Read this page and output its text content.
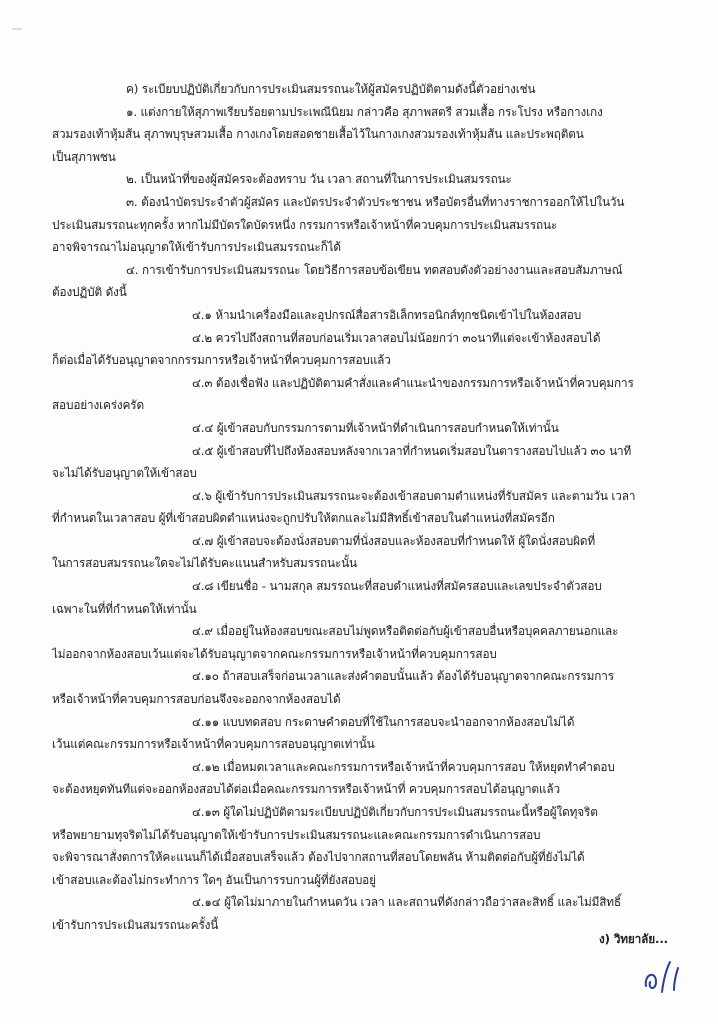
ค) ระเบียบปฏิบัติเกี่ยวกับการประเมินสมรรถนะให้ผู้สมัครปฏิบัติตามดังนี้ตัวอย่างเช่น
๑. แต่งกายให้สุภาพเรียบร้อยตามประเพณีนิยม กล่าวคือ สุภาพสตรี สวมเสื้อ กระโปรง หรือกางเกง
สวมรองเท้าหุ้มส้น สุภาพบุรุษสวมเสื้อ กางเกงโดยสอดชายเสื้อไว้ในกางเกงสวมรองเท้าหุ้มส้น และประพฤติตน
เป็นสุภาพชน
๒. เป็นหน้าที่ของผู้สมัครจะต้องทราบ วัน เวลา สถานที่ในการประเมินสมรรถนะ
๓. ต้องนำบัตรประจำตัวผู้สมัคร และบัตรประจำตัวประชาชน หรือบัตรอื่นที่ทางราชการออกให้ไปในวัน
ประเมินสมรรถนะทุกครั้ง หากไม่มีบัตรใดบัตรหนึ่ง กรรมการหรือเจ้าหน้าที่ควบคุมการประเมินสมรรถนะ
อาจพิจารณาไม่อนุญาตให้เข้ารับการประเมินสมรรถนะก็ได้
๔. การเข้ารับการประเมินสมรรถนะ โดยวิธีการสอบข้อเขียน ทดสอบดังตัวอย่างงานและสอบสัมภาษณ์
ต้องปฏิบัติ ดังนี้
๔.๑ ห้ามนำเครื่องมือและอุปกรณ์สื่อสารอิเล็กทรอนิกส์ทุกชนิดเข้าไปในห้องสอบ
๔.๒ ควรไปถึงสถานที่สอบก่อนเริ่มเวลาสอบไม่น้อยกว่า ๓๐นาทีแต่จะเข้าห้องสอบได้
ก็ต่อเมื่อได้รับอนุญาตจากกรรมการหรือเจ้าหน้าที่ควบคุมการสอบแล้ว
๔.๓ ต้องเชื่อฟัง และปฏิบัติตามคำสั่งและคำแนะนำของกรรมการหรือเจ้าหน้าที่ควบคุมการ
สอบอย่างเคร่งครัด
๔.๔ ผู้เข้าสอบกับกรรมการตามที่เจ้าหน้าที่ดำเนินการสอบกำหนดให้เท่านั้น
๔.๕ ผู้เข้าสอบที่ไปถึงห้องสอบหลังจากเวลาที่กำหนดเริ่มสอบในตารางสอบไปแล้ว ๓๐ นาที
จะไม่ได้รับอนุญาตให้เข้าสอบ
๔.๖ ผู้เข้ารับการประเมินสมรรถนะจะต้องเข้าสอบตามตำแหน่งที่รับสมัคร และตามวัน เวลา
ที่กำหนดในเวลาสอบ ผู้ที่เข้าสอบผิดตำแหน่งจะถูกปรับให้ตกและไม่มีสิทธิ์เข้าสอบในตำแหน่งที่สมัครอีก
๔.๗ ผู้เข้าสอบจะต้องนั่งสอบตามที่นั่งสอบและห้องสอบที่กำหนดให้ ผู้ใดนั่งสอบผิดที่
ในการสอบสมรรถนะใดจะไม่ได้รับคะแนนสำหรับสมรรถนะนั้น
๔.๘ เขียนชื่อ - นามสกุล สมรรถนะที่สอบตำแหน่งที่สมัครสอบและเลขประจำตัวสอบ
เฉพาะในที่ที่กำหนดให้เท่านั้น
๔.๙ เมื่ออยู่ในห้องสอบขณะสอบไม่พูดหรือติดต่อกับผู้เข้าสอบอื่นหรือบุคคลภายนอกและ
ไม่ออกจากห้องสอบเว้นแต่จะได้รับอนุญาตจากคณะกรรมการหรือเจ้าหน้าที่ควบคุมการสอบ
๔.๑๐ ถ้าสอบเสร็จก่อนเวลาและส่งคำตอบนั้นแล้ว ต้องได้รับอนุญาตจากคณะกรรมการ
หรือเจ้าหน้าที่ควบคุมการสอบก่อนจึงจะออกจากห้องสอบได้
๔.๑๑ แบบทดสอบ กระดาษคำตอบที่ใช้ในการสอบจะนำออกจากห้องสอบไม่ได้
เว้นแต่คณะกรรมการหรือเจ้าหน้าที่ควบคุมการสอบอนุญาตเท่านั้น
๔.๑๒ เมื่อหมดเวลาและคณะกรรมการหรือเจ้าหน้าที่ควบคุมการสอบ ให้หยุดทำคำตอบ
จะต้องหยุดทันทีแต่จะออกห้องสอบได้ต่อเมื่อคณะกรรมการหรือเจ้าหน้าที่ ควบคุมการสอบได้อนุญาตแล้ว
๔.๑๓ ผู้ใดไม่ปฏิบัติตามระเบียบปฏิบัติเกี่ยวกับการประเมินสมรรถนะนี้หรือผู้ใดทุจริต
หรือพยายามทุจริตไม่ได้รับอนุญาตให้เข้ารับการประเมินสมรรถนะและคณะกรรมการดำเนินการสอบ
จะพิจารณาสั่งตการให้คะแนนก็ได้เมื่อสอบเสร็จแล้ว ต้องไปจากสถานที่สอบโดยพลัน ห้ามติดต่อกับผู้ที่ยังไม่ได้
เข้าสอบและต้องไม่กระทำการ ใดๆ อันเป็นการรบกวนผู้ที่ยังสอบอยู่
๔.๑๔ ผู้ใดไม่มาภายในกำหนดวัน เวลา และสถานที่ดังกล่าวถือว่าสละสิทธิ์ และไม่มีสิทธิ์
เข้ารับการประเมินสมรรถนะครั้งนี้
ง) วิทยาลัย...
